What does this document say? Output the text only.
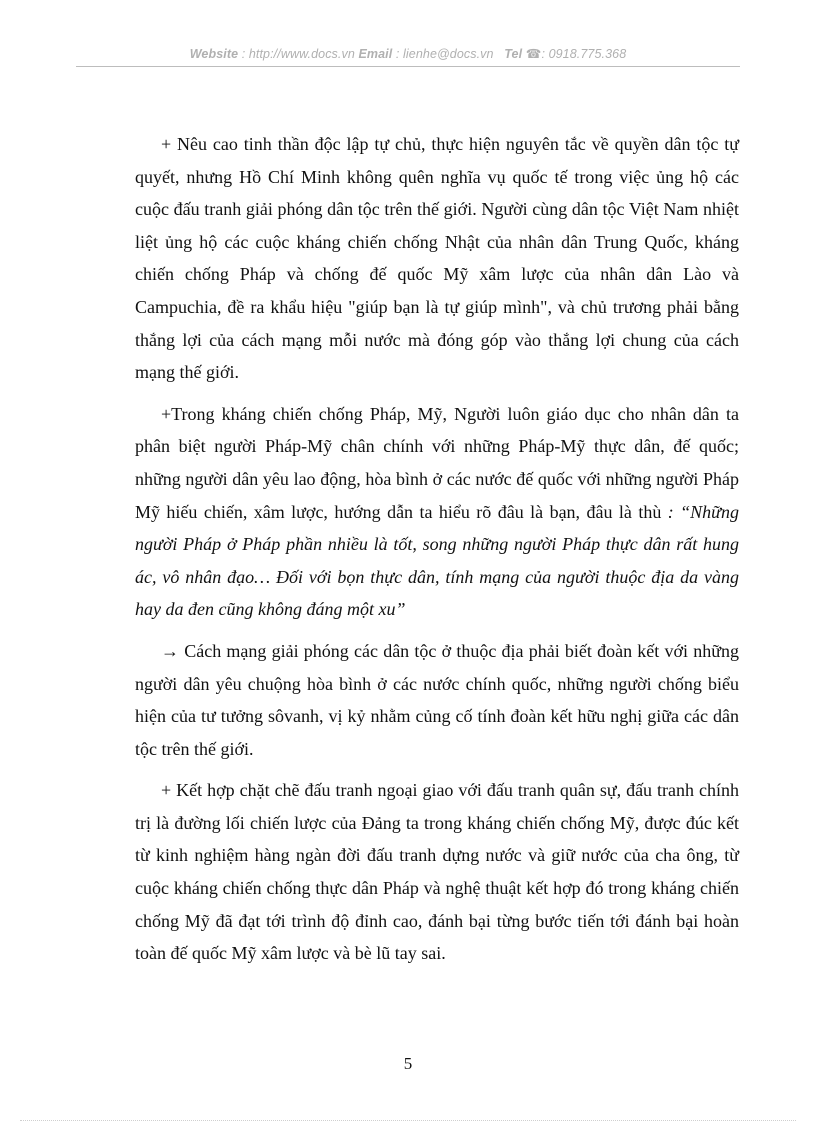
Website : http://www.docs.vn Email : lienhe@docs.vn Tel ☎: 0918.775.368

+ Nêu cao tinh thần độc lập tự chủ, thực hiện nguyên tắc về quyền dân tộc tự quyết, nhưng Hồ Chí Minh không quên nghĩa vụ quốc tế trong việc ủng hộ các cuộc đấu tranh giải phóng dân tộc trên thế giới. Người cùng dân tộc Việt Nam nhiệt liệt ủng hộ các cuộc kháng chiến chống Nhật của nhân dân Trung Quốc, kháng chiến chống Pháp và chống đế quốc Mỹ xâm lược của nhân dân Lào và Campuchia, đề ra khẩu hiệu "giúp bạn là tự giúp mình", và chủ trương phải bằng thắng lợi của cách mạng mỗi nước mà đóng góp vào thắng lợi chung của cách mạng thế giới.

+Trong kháng chiến chống Pháp, Mỹ, Người luôn giáo dục cho nhân dân ta phân biệt người Pháp-Mỹ chân chính với những Pháp-Mỹ thực dân, đế quốc; những người dân yêu lao động, hòa bình ở các nước đế quốc với những người Pháp Mỹ hiếu chiến, xâm lược, hướng dẫn ta hiểu rõ đâu là bạn, đâu là thù : “Những người Pháp ở Pháp phần nhiều là tốt, song những người Pháp thực dân rất hung ác, vô nhân đạo… Đối với bọn thực dân, tính mạng của người thuộc địa da vàng hay da đen cũng không đáng một xu”

→ Cách mạng giải phóng các dân tộc ở thuộc địa phải biết đoàn kết với những người dân yêu chuộng hòa bình ở các nước chính quốc, những người chống biểu hiện của tư tưởng sôvanh, vị kỷ nhằm củng cố tính đoàn kết hữu nghị giữa các dân tộc trên thế giới.

+ Kết hợp chặt chẽ đấu tranh ngoại giao với đấu tranh quân sự, đấu tranh chính trị là đường lối chiến lược của Đảng ta trong kháng chiến chống Mỹ, được đúc kết từ kinh nghiệm hàng ngàn đời đấu tranh dựng nước và giữ nước của cha ông, từ cuộc kháng chiến chống thực dân Pháp và nghệ thuật kết hợp đó trong kháng chiến chống Mỹ đã đạt tới trình độ đỉnh cao, đánh bại từng bước tiến tới đánh bại hoàn toàn đế quốc Mỹ xâm lược và bè lũ tay sai.

5
